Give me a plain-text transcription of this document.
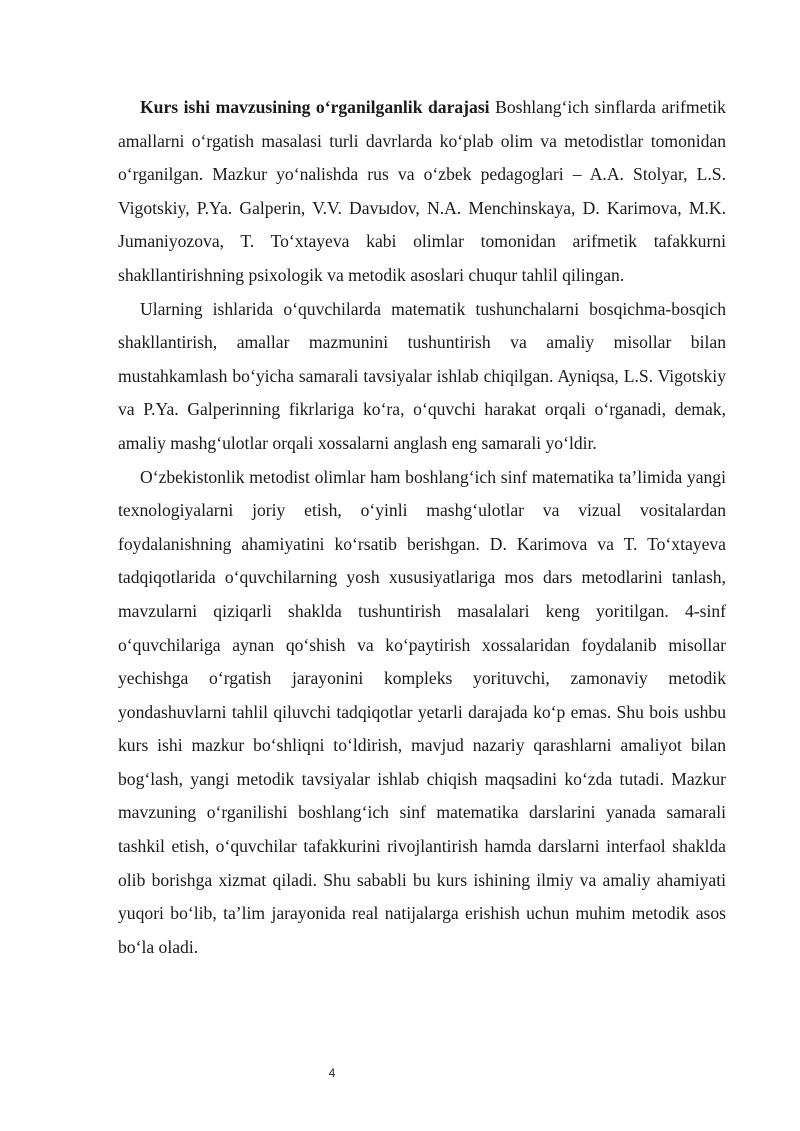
Kurs ishi mavzusining o‘rganilganlik darajasi Boshlang‘ich sinflarda arifmetik amallarni o‘rgatish masalasi turli davrlarda ko‘plab olim va metodistlar tomonidan o‘rganilgan. Mazkur yo‘nalishda rus va o‘zbek pedagoglari – A.A. Stolyar, L.S. Vigotskiy, P.Ya. Galperin, V.V. Davыdov, N.A. Menchinskaya, D. Karimova, M.K. Jumaniyozova, T. To‘xtayeva kabi olimlar tomonidan arifmetik tafakkurni shakllantirishning psixologik va metodik asoslari chuqur tahlil qilingan.

Ularning ishlarida o‘quvchilarda matematik tushunchalarni bosqichma-bosqich shakllantirish, amallar mazmunini tushuntirish va amaliy misollar bilan mustahkamlash bo‘yicha samarali tavsiyalar ishlab chiqilgan. Ayniqsa, L.S. Vigotskiy va P.Ya. Galperinning fikrlariga ko‘ra, o‘quvchi harakat orqali o‘rganadi, demak, amaliy mashg‘ulotlar orqali xossalarni anglash eng samarali yo‘ldir.

O‘zbekistonlik metodist olimlar ham boshlang‘ich sinf matematika ta’limida yangi texnologiyalarni joriy etish, o‘yinli mashg‘ulotlar va vizual vositalardan foydalanishning ahamiyatini ko‘rsatib berishgan. D. Karimova va T. To‘xtayeva tadqiqotlarida o‘quvchilarning yosh xususiyatlariga mos dars metodlarini tanlash, mavzularni qiziqarli shaklda tushuntirish masalalari keng yoritilgan. 4-sinf o‘quvchilariga aynan qo‘shish va ko‘paytirish xossalaridan foydalanib misollar yechishga o‘rgatish jarayonini kompleks yorituvchi, zamonaviy metodik yondashuvlarni tahlil qiluvchi tadqiqotlar yetarli darajada ko‘p emas. Shu bois ushbu kurs ishi mazkur bo‘shliqni to‘ldirish, mavjud nazariy qarashlarni amaliyot bilan bog‘lash, yangi metodik tavsiyalar ishlab chiqish maqsadini ko‘zda tutadi. Mazkur mavzuning o‘rganilishi boshlang‘ich sinf matematika darslarini yanada samarali tashkil etish, o‘quvchilar tafakkurini rivojlantirish hamda darslarni interfaol shaklda olib borishga xizmat qiladi. Shu sababli bu kurs ishining ilmiy va amaliy ahamiyati yuqori bo‘lib, ta’lim jarayonida real natijalarga erishish uchun muhim metodik asos bo‘la oladi.

4
